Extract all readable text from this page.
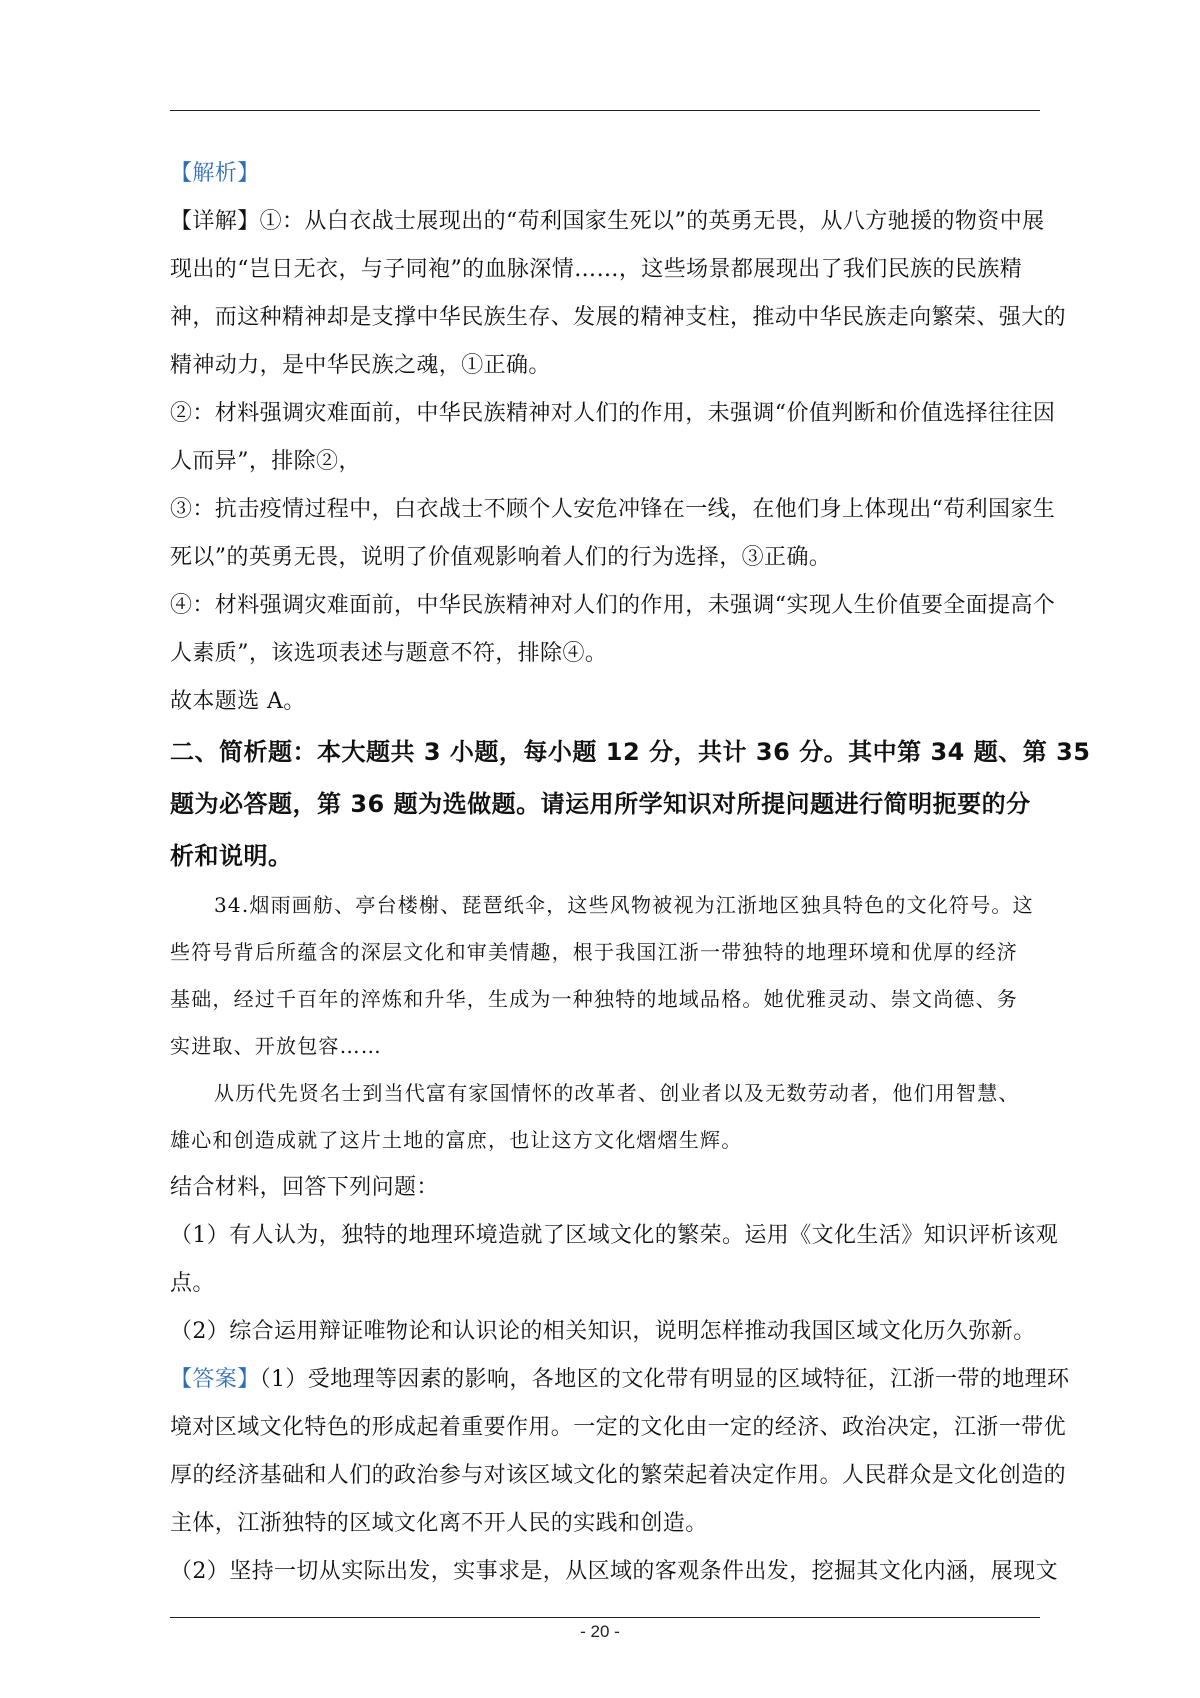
【解析】
【详解】①：从白衣战士展现出的“苟利国家生死以”的英勇无畏，从八方驰援的物资中展
现出的“岂日无衣，与子同袍”的血脉深情……，这些场景都展现出了我们民族的民族精
神，而这种精神却是支撑中华民族生存、发展的精神支柱，推动中华民族走向繁荣、强大的
精神动力，是中华民族之魂，①正确。
②：材料强调灾难面前，中华民族精神对人们的作用，未强调“价值判断和价值选择往往因
人而异”，排除②，
③：抗击疫情过程中，白衣战士不顾个人安危冲锋在一线，在他们身上体现出“苟利国家生
死以”的英勇无畏，说明了价值观影响着人们的行为选择，③正确。
④：材料强调灾难面前，中华民族精神对人们的作用，未强调“实现人生价值要全面提高个
人素质”，该选项表述与题意不符，排除④。
故本题选 A。
二、简析题：本大题共 3 小题，每小题 12 分，共计 36 分。其中第 34 题、第 35
题为必答题，第 36 题为选做题。请运用所学知识对所提问题进行简明扼要的分
析和说明。
34.烟雨画舫、亭台楼榭、琵琶纸伞，这些风物被视为江浙地区独具特色的文化符号。这
些符号背后所蕴含的深层文化和审美情趣，根于我国江浙一带独特的地理环境和优厚的经济
基础，经过千百年的淬炼和升华，生成为一种独特的地域品格。她优雅灵动、崇文尚德、务
实进取、开放包容……
从历代先贤名士到当代富有家国情怀的改革者、创业者以及无数劳动者，他们用智慧、
雄心和创造成就了这片土地的富庶，也让这方文化熠熠生辉。
结合材料，回答下列问题：
（1）有人认为，独特的地理环境造就了区域文化的繁荣。运用《文化生活》知识评析该观
点。
（2）综合运用辩证唯物论和认识论的相关知识，说明怎样推动我国区域文化历久弥新。
【答案】（1）受地理等因素的影响，各地区的文化带有明显的区域特征，江浙一带的地理环
境对区域文化特色的形成起着重要作用。一定的文化由一定的经济、政治决定，江浙一带优
厚的经济基础和人们的政治参与对该区域文化的繁荣起着决定作用。人民群众是文化创造的
主体，江浙独特的区域文化离不开人民的实践和创造。
（2）坚持一切从实际出发，实事求是，从区域的客观条件出发，挖掘其文化内涵，展现文
- 20 -
